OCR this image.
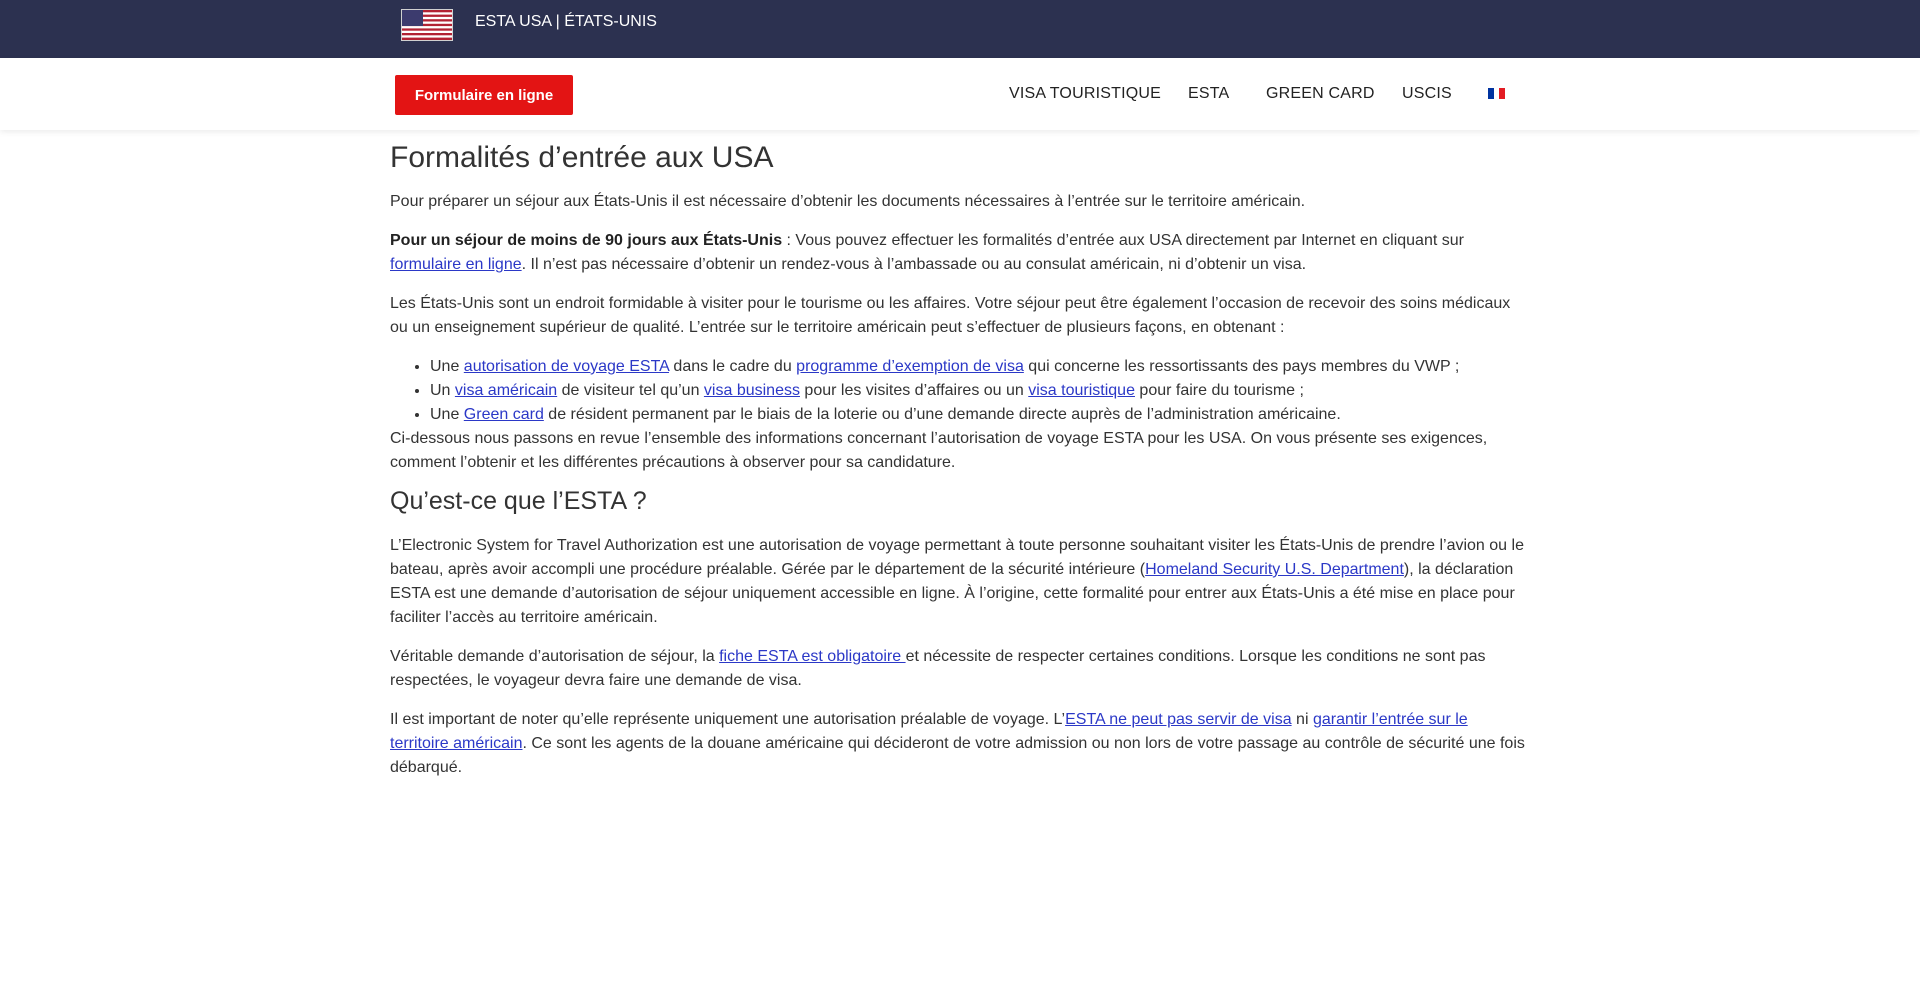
ESTA USA | ÉTATS-UNIS
Formulaire en ligne	VISA TOURISTIQUE ESTA GREEN CARD USCIS
Formalités d’entrée aux USA

Pour préparer un séjour aux États-Unis il est nécessaire d’obtenir les documents nécessaires à l’entrée sur le territoire américain.

Pour un séjour de moins de 90 jours aux États-Unis : Vous pouvez effectuer les formalités d’entrée aux USA directement par Internet en cliquant sur formulaire en ligne. Il n’est pas nécessaire d’obtenir un rendez-vous à l’ambassade ou au consulat américain, ni d’obtenir un visa.

Les États-Unis sont un endroit formidable à visiter pour le tourisme ou les affaires. Votre séjour peut être également l’occasion de recevoir des soins médicaux ou un enseignement supérieur de qualité. L’entrée sur le territoire américain peut s’effectuer de plusieurs façons, en obtenant :

• Une autorisation de voyage ESTA dans le cadre du programme d’exemption de visa qui concerne les ressortissants des pays membres du VWP ;
• Un visa américain de visiteur tel qu’un visa business pour les visites d’affaires ou un visa touristique pour faire du tourisme ;
• Une Green card de résident permanent par le biais de la loterie ou d’une demande directe auprès de l’administration américaine.

Ci-dessous nous passons en revue l’ensemble des informations concernant l’autorisation de voyage ESTA pour les USA. On vous présente ses exigences, comment l’obtenir et les différentes précautions à observer pour sa candidature.

Qu’est-ce que l’ESTA ?

L’Electronic System for Travel Authorization est une autorisation de voyage permettant à toute personne souhaitant visiter les États-Unis de prendre l’avion ou le bateau, après avoir accompli une procédure préalable. Gérée par le département de la sécurité intérieure (Homeland Security U.S. Department), la déclaration ESTA est une demande d’autorisation de séjour uniquement accessible en ligne. À l’origine, cette formalité pour entrer aux États-Unis a été mise en place pour faciliter l’accès au territoire américain.

Véritable demande d’autorisation de séjour, la fiche ESTA est obligatoire et nécessite de respecter certaines conditions. Lorsque les conditions ne sont pas respectées, le voyageur devra faire une demande de visa.

Il est important de noter qu’elle représente uniquement une autorisation préalable de voyage. L’ESTA ne peut pas servir de visa ni garantir l’entrée sur le territoire américain. Ce sont les agents de la douane américaine qui décideront de votre admission ou non lors de votre passage au contrôle de sécurité une fois débarqué.
